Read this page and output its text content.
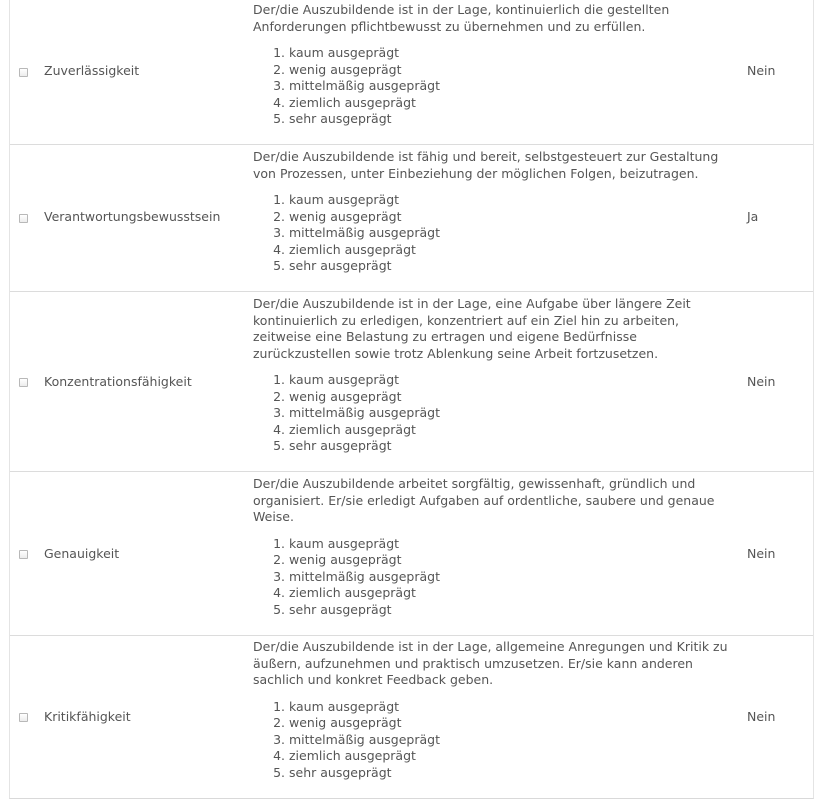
Zuverlässigkeit

Der/die Auszubildende ist in der Lage, kontinuierlich die gestellten Anforderungen pflichtbewusst zu übernehmen und zu erfüllen.

1. kaum ausgeprägt
2. wenig ausgeprägt
3. mittelmäßig ausgeprägt
4. ziemlich ausgeprägt
5. sehr ausgeprägt
Nein
Verantwortungsbewusstsein

Der/die Auszubildende ist fähig und bereit, selbstgesteuert zur Gestaltung von Prozessen, unter Einbeziehung der möglichen Folgen, beizutragen.

1. kaum ausgeprägt
2. wenig ausgeprägt
3. mittelmäßig ausgeprägt
4. ziemlich ausgeprägt
5. sehr ausgeprägt
Ja
Konzentrationsfähigkeit

Der/die Auszubildende ist in der Lage, eine Aufgabe über längere Zeit kontinuierlich zu erledigen, konzentriert auf ein Ziel hin zu arbeiten, zeitweise eine Belastung zu ertragen und eigene Bedürfnisse zurückzustellen sowie trotz Ablenkung seine Arbeit fortzusetzen.

1. kaum ausgeprägt
2. wenig ausgeprägt
3. mittelmäßig ausgeprägt
4. ziemlich ausgeprägt
5. sehr ausgeprägt
Nein
Genauigkeit

Der/die Auszubildende arbeitet sorgfältig, gewissenhaft, gründlich und organisiert. Er/sie erledigt Aufgaben auf ordentliche, saubere und genaue Weise.

1. kaum ausgeprägt
2. wenig ausgeprägt
3. mittelmäßig ausgeprägt
4. ziemlich ausgeprägt
5. sehr ausgeprägt
Nein
Kritikfähigkeit

Der/die Auszubildende ist in der Lage, allgemeine Anregungen und Kritik zu äußern, aufzunehmen und praktisch umzusetzen. Er/sie kann anderen sachlich und konkret Feedback geben.

1. kaum ausgeprägt
2. wenig ausgeprägt
3. mittelmäßig ausgeprägt
4. ziemlich ausgeprägt
5. sehr ausgeprägt
Nein
